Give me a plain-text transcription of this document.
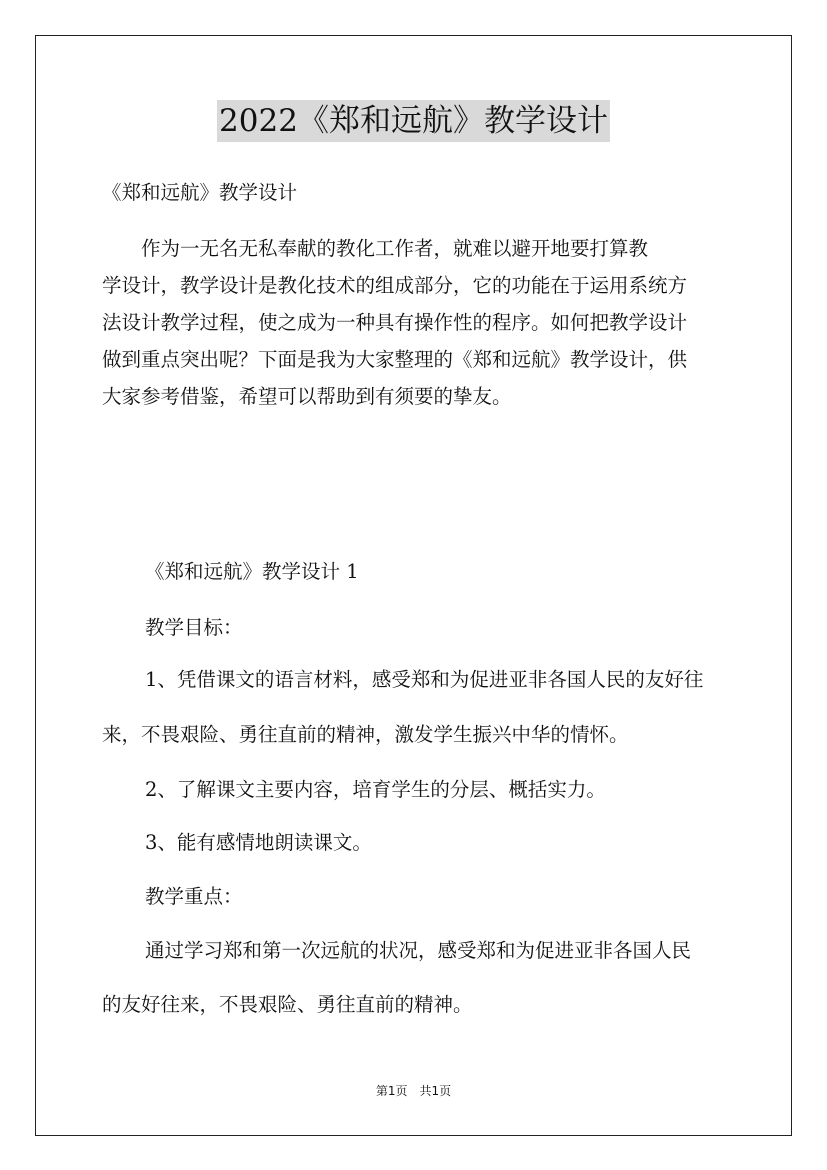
2022《郑和远航》教学设计
《郑和远航》教学设计
　　作为一无名无私奉献的教化工作者，就难以避开地要打算教
学设计，教学设计是教化技术的组成部分，它的功能在于运用系统方
法设计教学过程，使之成为一种具有操作性的程序。如何把教学设计
做到重点突出呢？下面是我为大家整理的《郑和远航》教学设计，供
大家参考借鉴，希望可以帮助到有须要的挚友。
《郑和远航》教学设计 1
教学目标：
1、凭借课文的语言材料，感受郑和为促进亚非各国人民的友好往
来，不畏艰险、勇往直前的精神，激发学生振兴中华的情怀。
2、了解课文主要内容，培育学生的分层、概括实力。
3、能有感情地朗读课文。
教学重点：
通过学习郑和第一次远航的状况，感受郑和为促进亚非各国人民
的友好往来，不畏艰险、勇往直前的精神。
第1页　共1页
